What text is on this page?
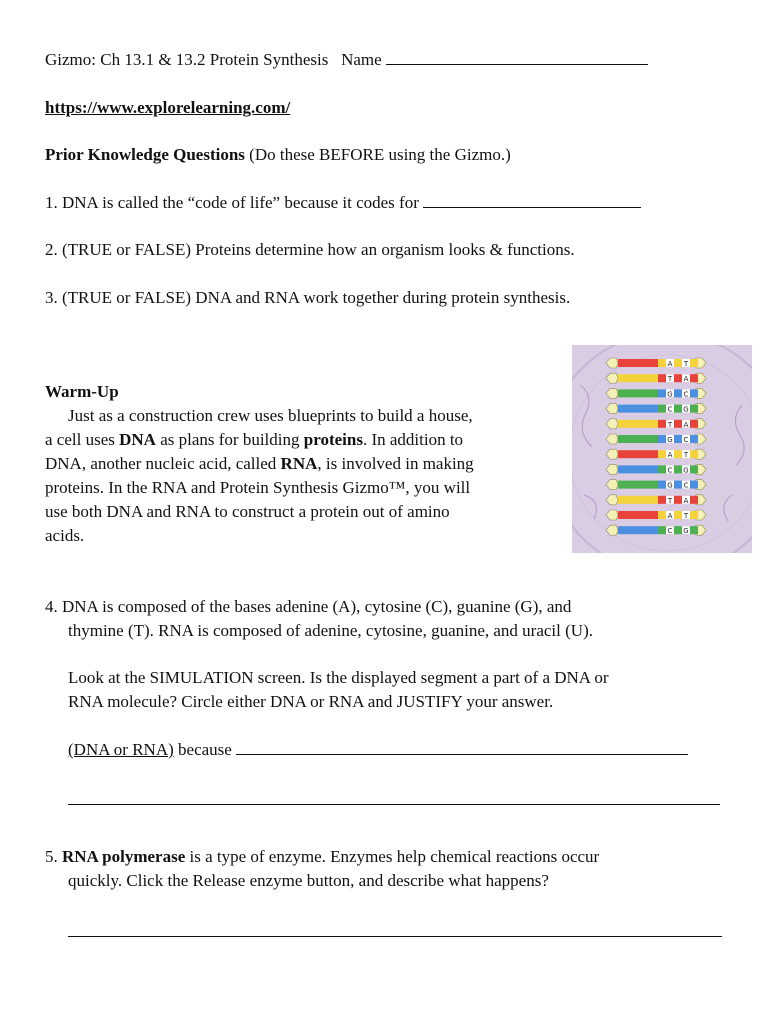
Gizmo: Ch 13.1 & 13.2 Protein Synthesis Name
https://www.explorelearning.com/
Prior Knowledge Questions (Do these BEFORE using the Gizmo.)
1. DNA is called the “code of life” because it codes for
2. (TRUE or FALSE) Proteins determine how an organism looks & functions.
3. (TRUE or FALSE) DNA and RNA work together during protein synthesis.
Warm-Up
Just as a construction crew uses blueprints to build a house,
a cell uses DNA as plans for building proteins. In addition to
DNA, another nucleic acid, called RNA, is involved in making
proteins. In the RNA and Protein Synthesis Gizmo™, you will
use both DNA and RNA to construct a protein out of amino
acids.
A T
T A
G C
C G
T A
G C
A T
C G
G C
T A
A T
C G
4. DNA is composed of the bases adenine (A), cytosine (C), guanine (G), and
thymine (T). RNA is composed of adenine, cytosine, guanine, and uracil (U).
Look at the SIMULATION screen. Is the displayed segment a part of a DNA or
RNA molecule? Circle either DNA or RNA and JUSTIFY your answer.
(DNA or RNA) because
5. RNA polymerase is a type of enzyme. Enzymes help chemical reactions occur
quickly. Click the Release enzyme button, and describe what happens?
